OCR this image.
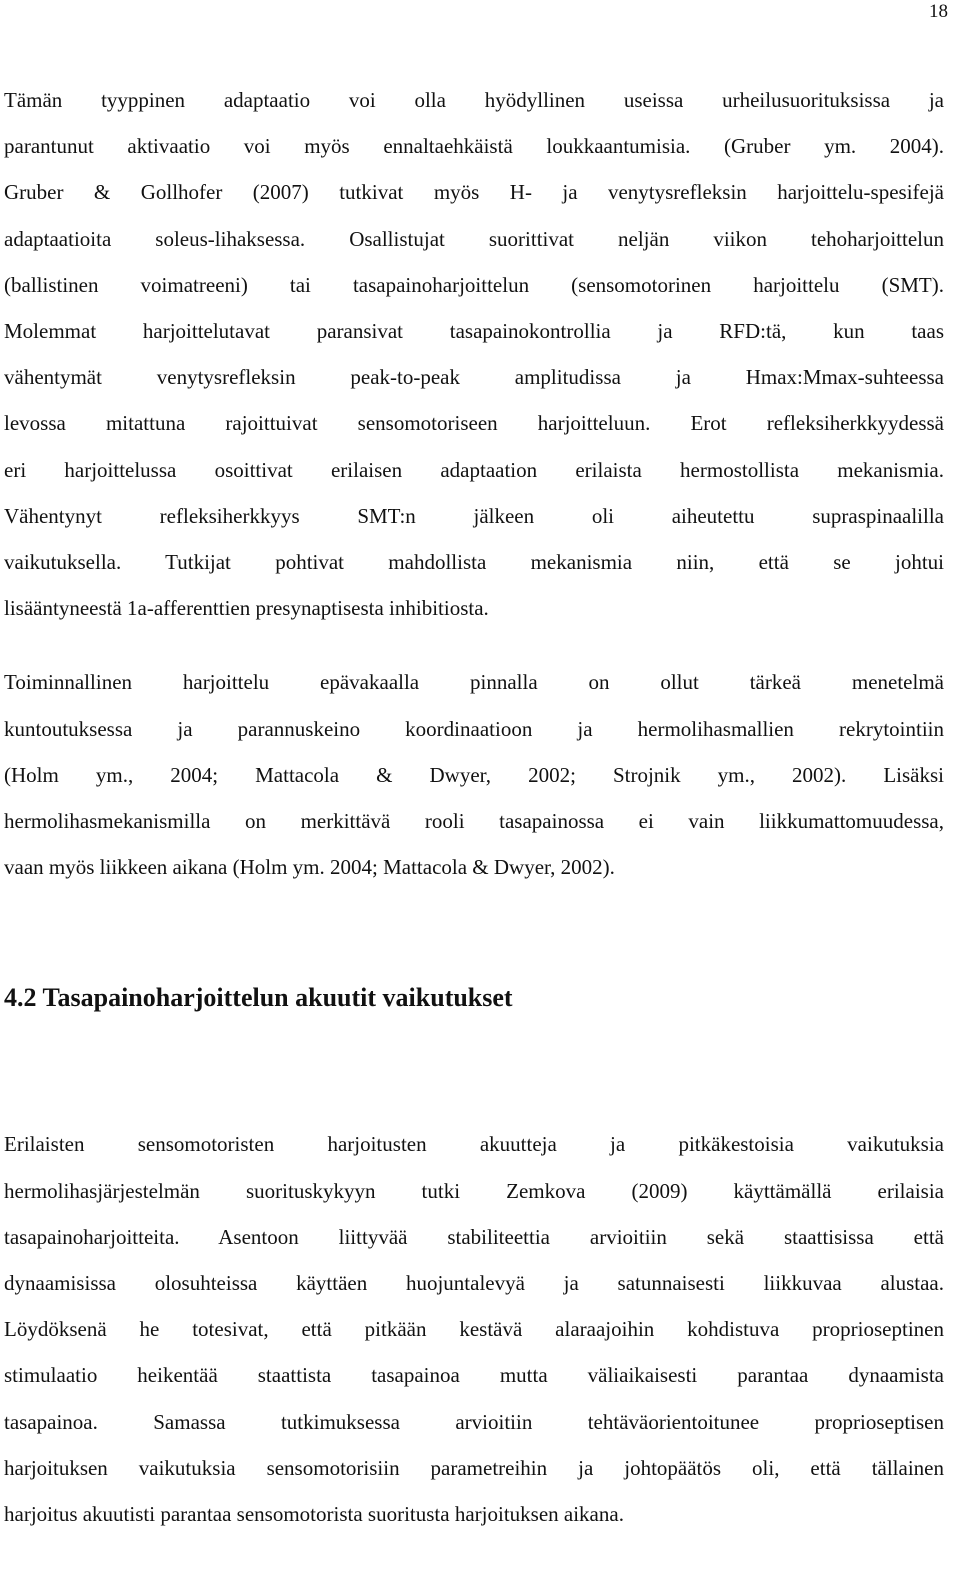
18

Tämän tyyppinen adaptaatio voi olla hyödyllinen useissa urheilusuorituksissa ja
parantunut aktivaatio voi myös ennaltaehkäistä loukkaantumisia. (Gruber ym. 2004).
Gruber & Gollhofer (2007) tutkivat myös H- ja venytysrefleksin harjoittelu-spesifejä
adaptaatioita soleus-lihaksessa. Osallistujat suorittivat neljän viikon tehoharjoittelun
(ballistinen voimatreeni) tai tasapainoharjoittelun (sensomotorinen harjoittelu (SMT).
Molemmat harjoittelutavat paransivat tasapainokontrollia ja RFD:tä, kun taas
vähentymät venytysrefleksin peak-to-peak amplitudissa ja Hmax:Mmax-suhteessa
levossa mitattuna rajoittuivat sensomotoriseen harjoitteluun. Erot refleksiherkkyydessä
eri harjoittelussa osoittivat erilaisen adaptaation erilaista hermostollista mekanismia.
Vähentynyt refleksiherkkyys SMT:n jälkeen oli aiheutettu supraspinaalilla
vaikutuksella. Tutkijat pohtivat mahdollista mekanismia niin, että se johtui
lisääntyneestä 1a-afferenttien presynaptisesta inhibitiosta.

Toiminnallinen harjoittelu epävakaalla pinnalla on ollut tärkeä menetelmä
kuntoutuksessa ja parannuskeino koordinaatioon ja hermolihasmallien rekrytointiin
(Holm ym., 2004; Mattacola & Dwyer, 2002; Strojnik ym., 2002). Lisäksi
hermolihasmekanismilla on merkittävä rooli tasapainossa ei vain liikkumattomuudessa,
vaan myös liikkeen aikana (Holm ym. 2004; Mattacola & Dwyer, 2002).

4.2 Tasapainoharjoittelun akuutit vaikutukset

Erilaisten sensomotoristen harjoitusten akuutteja ja pitkäkestoisia vaikutuksia
hermolihasjärjestelmän suorituskykyyn tutki Zemkova (2009) käyttämällä erilaisia
tasapainoharjoitteita. Asentoon liittyvää stabiliteettia arvioitiin sekä staattisissa että
dynaamisissa olosuhteissa käyttäen huojuntalevyä ja satunnaisesti liikkuvaa alustaa.
Löydöksenä he totesivat, että pitkään kestävä alaraajoihin kohdistuva proprioseptinen
stimulaatio heikentää staattista tasapainoa mutta väliaikaisesti parantaa dynaamista
tasapainoa. Samassa tutkimuksessa arvioitiin tehtäväorientoitunee proprioseptisen
harjoituksen vaikutuksia sensomotorisiin parametreihin ja johtopäätös oli, että tällainen
harjoitus akuutisti parantaa sensomotorista suoritusta harjoituksen aikana.
